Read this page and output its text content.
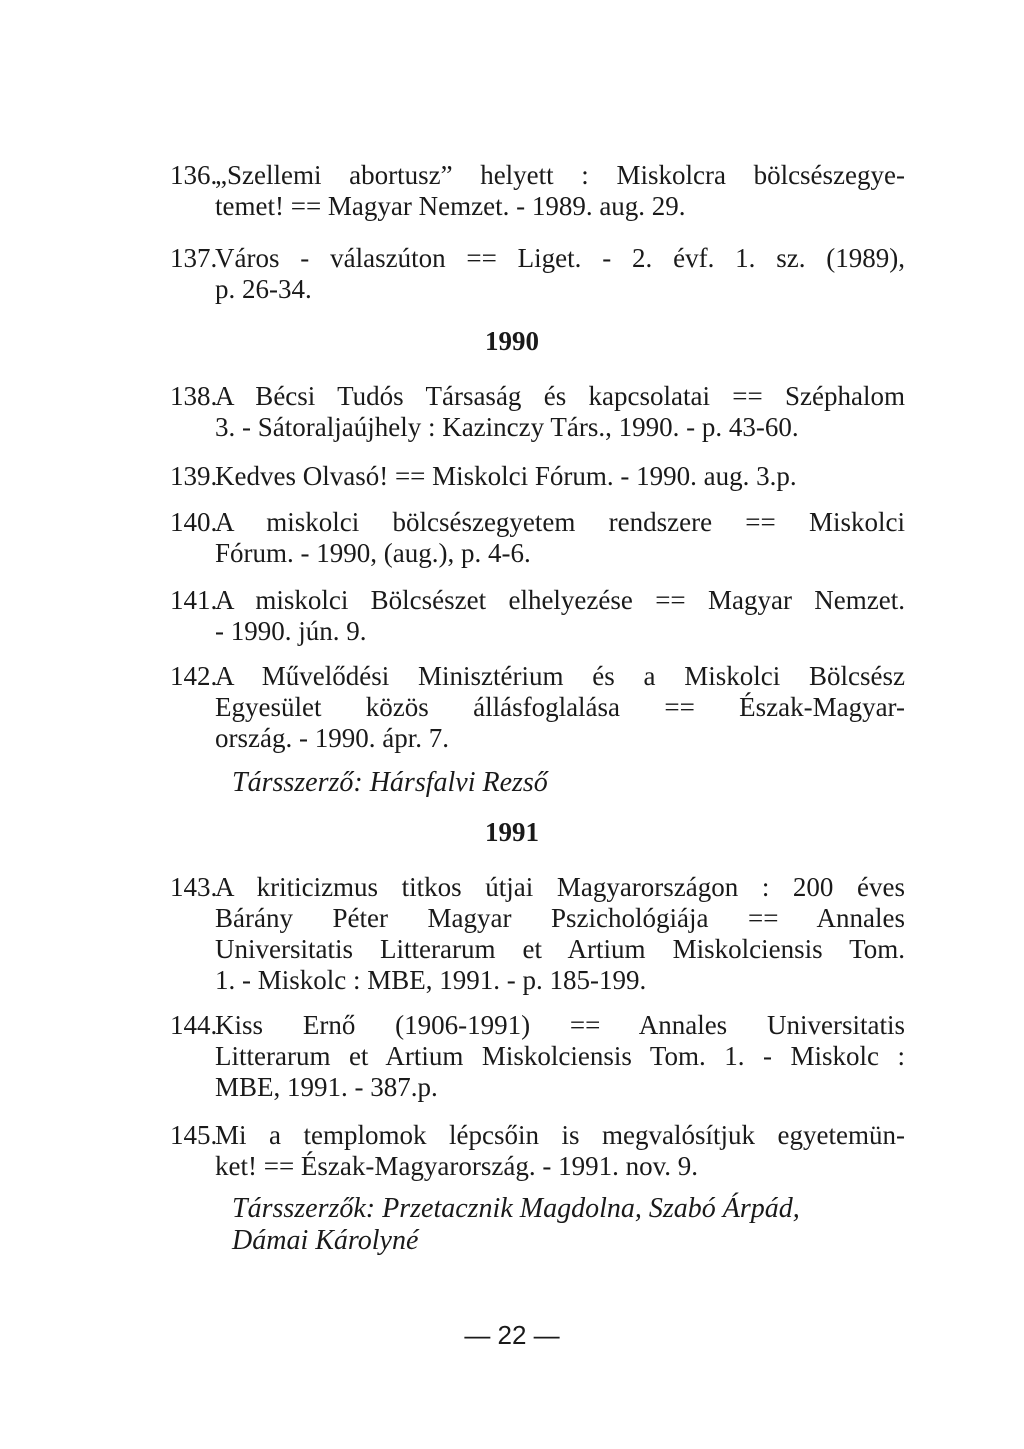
136.
„Szellemi abortusz” helyett : Miskolcra bölcsészegye-
temet! == Magyar Nemzet. - 1989. aug. 29.
137.
Város - válaszúton == Liget. - 2. évf. 1. sz. (1989),
p. 26-34.
1990
138.
A Bécsi Tudós Társaság és kapcsolatai == Széphalom
3. - Sátoraljaújhely : Kazinczy Társ., 1990. - p. 43-60.
139.
Kedves Olvasó! == Miskolci Fórum. - 1990. aug. 3.p.
140.
A miskolci bölcsészegyetem rendszere == Miskolci
Fórum. - 1990, (aug.), p. 4-6.
141.
A miskolci Bölcsészet elhelyezése == Magyar Nemzet.
- 1990. jún. 9.
142.
A Művelődési Minisztérium és a Miskolci Bölcsész
Egyesület közös állásfoglalása == Észak-Magyar-
ország. - 1990. ápr. 7.
Társszerző: Hársfalvi Rezső
1991
143.
A kriticizmus titkos útjai Magyarországon : 200 éves
Bárány Péter Magyar Pszichológiája == Annales
Universitatis Litterarum et Artium Miskolciensis Tom.
1. - Miskolc : MBE, 1991. - p. 185-199.
144.
Kiss Ernő (1906-1991) == Annales Universitatis
Litterarum et Artium Miskolciensis Tom. 1. - Miskolc :
MBE, 1991. - 387.p.
145.
Mi a templomok lépcsőin is megvalósítjuk egyetemün-
ket! == Észak-Magyarország. - 1991. nov. 9.
Társszerzők: Przetacznik Magdolna, Szabó Árpád,
Dámai Károlyné
— 22 —
